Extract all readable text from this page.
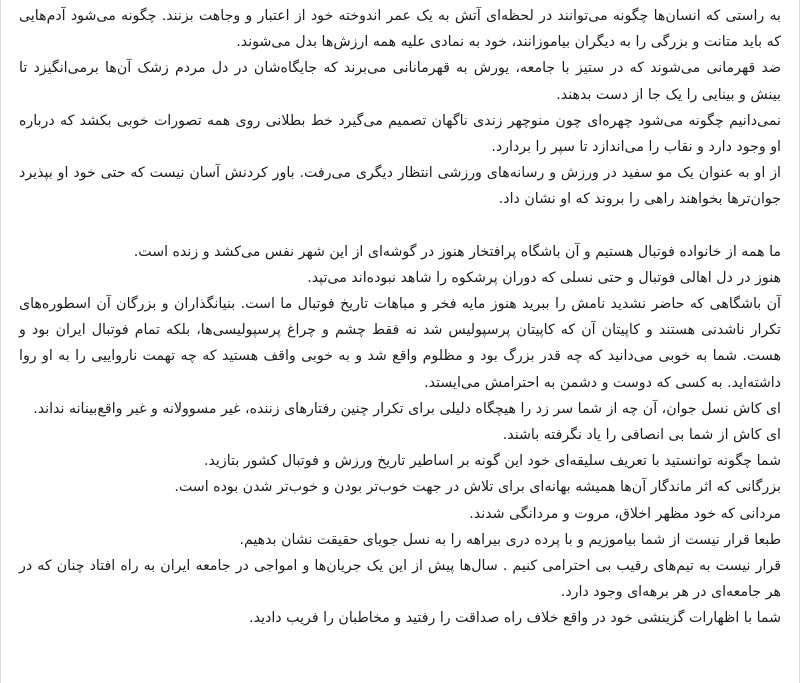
به راستی که انسان‌ها چگونه می‌توانند در لحظه‌ای آتش به یک عمر اندوخته خود از اعتبار و وجاهت بزنند. چگونه می‌شود آدم‌هایی که باید متانت و بزرگی را به دیگران بیاموزانند، خود به نمادی علیه همه ارزش‌ها بدل می‌شوند.

ضد قهرمانی می‌شوند که در ستیز با جامعه، یورش به قهرمانانی می‌برند که جایگاه‌شان در دل مردم زشک آن‌ها برمی‌انگیزد تا بینش و بینایی را یک جا از دست بدهند.

نمی‌دانیم چگونه می‌شود چهره‌ای چون منوچهر زندی ناگهان تصمیم می‌گیرد خط بطلانی روی همه تصورات خوبی بکشد که درباره او وجود دارد و نقاب را می‌اندازد تا سپر را بردارد.

از او به عنوان یک مو سفید در ورزش و رسانه‌های ورزشی انتظار دیگری می‌رفت. باور کردنش آسان نیست که حتی خود او بپذیرد جوان‌ترها بخواهند راهی را بروند که او نشان داد.

ما همه از خانواده فوتبال هستیم و آن باشگاه پرافتخار هنوز در گوشه‌ای از این شهر نفس می‌کشد و زنده است.

هنوز در دل اهالی فوتبال و حتی نسلی که دوران پرشکوه را شاهد نبوده‌اند می‌تپد.

آن باشگاهی که حاضر نشدید نامش را ببرید هنوز مایه فخر و مباهات تاریخ فوتبال ما است. بنیانگذاران و بزرگان آن اسطوره‌های تکرار ناشدنی هستند و کاپیتان آن که کاپیتان پرسپولیس شد نه فقط چشم و چراغ پرسپولیسی‌ها، بلکه تمام فوتبال ایران بود و هست. شما به خوبی می‌دانید که چه قدر بزرگ بود و مظلوم واقع شد و به خوبی واقف هستید که چه تهمت نارواییی را به او روا داشته‌اید. به کسی که دوست و دشمن به احترامش می‌ایستد.

ای کاش نسل جوان، آن چه از شما سر زد را هیچگاه دلیلی برای تکرار چنین رفتارهای زننده، غیر مسوولانه و غیر واقع‌بینانه نداند.

ای کاش از شما بی انصافی را یاد نگرفته باشند.

شما چگونه توانستید با تعریف سلیقه‌ای خود این گونه بر اساطیر تاریخ ورزش و فوتبال کشور بتازید.

بزرگانی که اثر ماندگار آن‌ها همیشه بهانه‌ای برای تلاش در جهت خوب‌تر بودن و خوب‌تر شدن بوده است.

مردانی که خود مظهر اخلاق، مروت و مردانگی شدند.

طبعا قرار نیست از شما بیاموزیم و با پرده دری بیراهه را به نسل جویای حقیقت نشان بدهیم.

قرار نیست به تیم‌های رقیب بی احترامی کنیم . سال‌ها پیش از این یک جریان‌ها و امواجی در جامعه ایران به راه افتاد چنان که در هر جامعه‌ای در هر برهه‌ای وجود دارد.

شما با اظهارات گزینشی خود در واقع خلاف راه صداقت را رفتید و مخاطبان را فریب دادید.
